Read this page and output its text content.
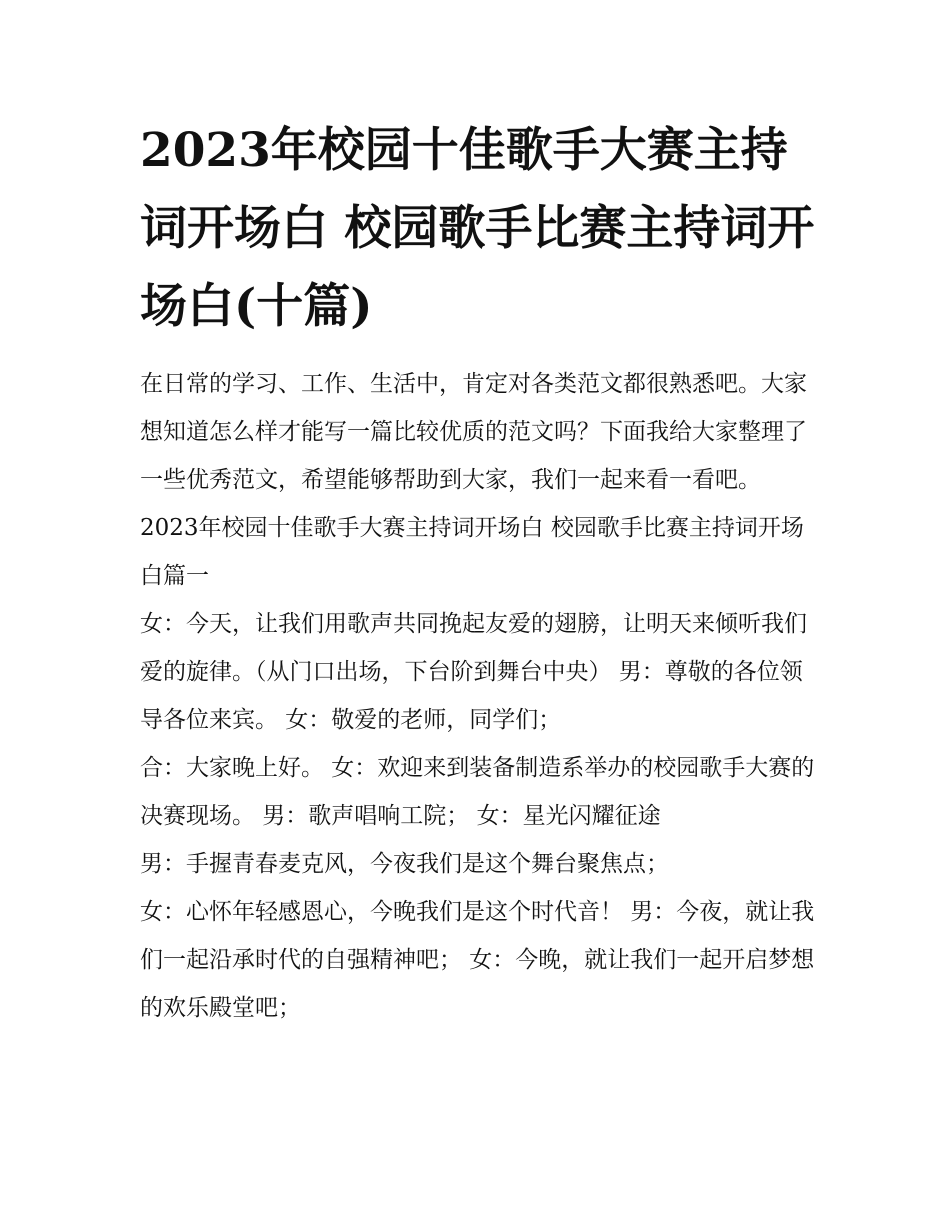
2023年校园十佳歌手大赛主持词开场白 校园歌手比赛主持词开场白(十篇)

在日常的学习、工作、生活中，肯定对各类范文都很熟悉吧。大家想知道怎么样才能写一篇比较优质的范文吗？下面我给大家整理了一些优秀范文，希望能够帮助到大家，我们一起来看一看吧。

2023年校园十佳歌手大赛主持词开场白 校园歌手比赛主持词开场白篇一

女：今天，让我们用歌声共同挽起友爱的翅膀，让明天来倾听我们爱的旋律。（从门口出场，下台阶到舞台中央） 男：尊敬的各位领导各位来宾。 女：敬爱的老师，同学们；

合：大家晚上好。 女：欢迎来到装备制造系举办的校园歌手大赛的决赛现场。 男：歌声唱响工院； 女：星光闪耀征途

男：手握青春麦克风，今夜我们是这个舞台聚焦点；

女：心怀年轻感恩心，今晚我们是这个时代音！ 男：今夜，就让我们一起沿承时代的自强精神吧； 女：今晚，就让我们一起开启梦想的欢乐殿堂吧；
